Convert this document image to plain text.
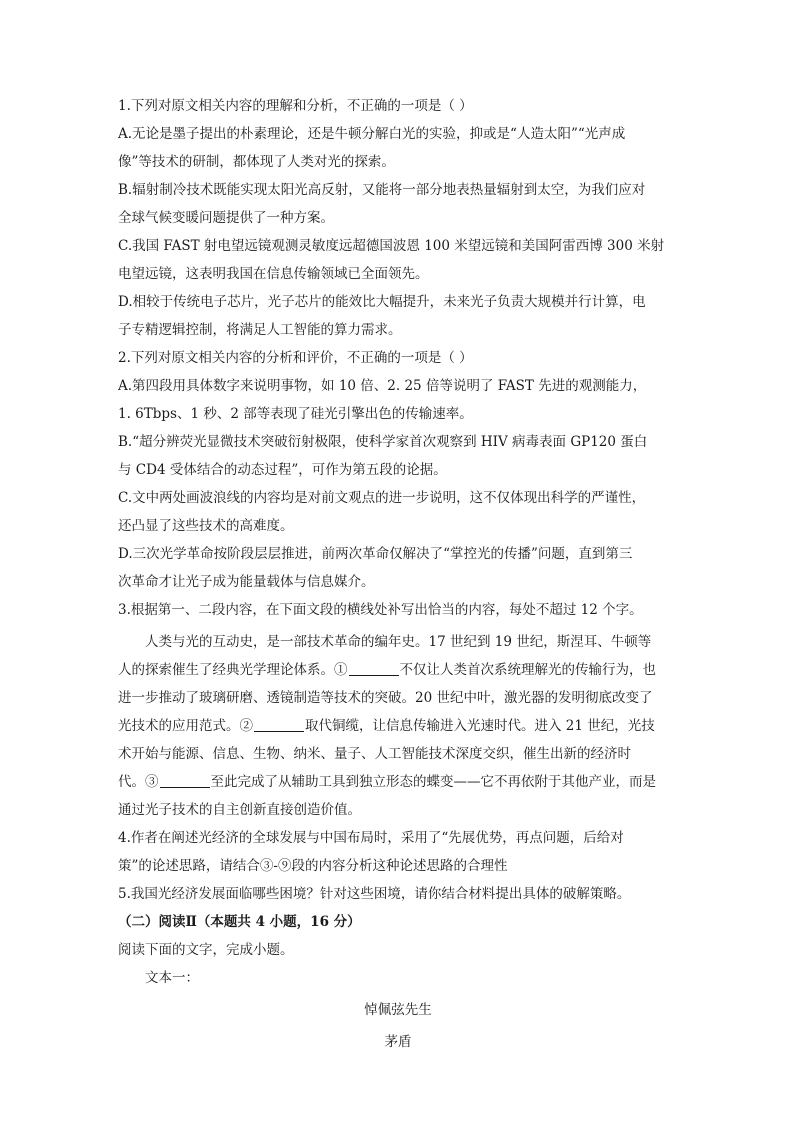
1.下列对原文相关内容的理解和分析，不正确的一项是（ ）
A.无论是墨子提出的朴素理论，还是牛顿分解白光的实验，抑或是“人造太阳”“光声成
像”等技术的研制，都体现了人类对光的探索。
B.辐射制冷技术既能实现太阳光高反射，又能将一部分地表热量辐射到太空，为我们应对
全球气候变暖问题提供了一种方案。
C.我国 FAST 射电望远镜观测灵敏度远超德国波恩 100 米望远镜和美国阿雷西博 300 米射
电望远镜，这表明我国在信息传输领域已全面领先。
D.相较于传统电子芯片，光子芯片的能效比大幅提升，未来光子负责大规模并行计算，电
子专精逻辑控制，将满足人工智能的算力需求。
2.下列对原文相关内容的分析和评价，不正确的一项是（ ）
A.第四段用具体数字来说明事物，如 10 倍、2. 25 倍等说明了 FAST 先进的观测能力，
1. 6Tbps、1 秒、2 部等表现了硅光引擎出色的传输速率。
B.“超分辨荧光显微技术突破衍射极限，使科学家首次观察到 HIV 病毒表面 GP120 蛋白
与 CD4 受体结合的动态过程”，可作为第五段的论据。
C.文中两处画波浪线的内容均是对前文观点的进一步说明，这不仅体现出科学的严谨性，
还凸显了这些技术的高难度。
D.三次光学革命按阶段层层推进，前两次革命仅解决了“掌控光的传播”问题，直到第三
次革命才让光子成为能量载体与信息媒介。
3.根据第一、二段内容，在下面文段的横线处补写出恰当的内容，每处不超过 12 个字。
人类与光的互动史，是一部技术革命的编年史。17 世纪到 19 世纪，斯涅耳、牛顿等
人的探索催生了经典光学理论体系。①	不仅让人类首次系统理解光的传输行为，也
进一步推动了玻璃研磨、透镜制造等技术的突破。20 世纪中叶，激光器的发明彻底改变了
光技术的应用范式。②	取代铜缆，让信息传输进入光速时代。进入 21 世纪，光技
术开始与能源、信息、生物、纳米、量子、人工智能技术深度交织，催生出新的经济时
代。③	至此完成了从辅助工具到独立形态的蝶变——它不再依附于其他产业，而是
通过光子技术的自主创新直接创造价值。
4.作者在阐述光经济的全球发展与中国布局时，采用了“先展优势，再点问题，后给对
策”的论述思路，请结合③-⑨段的内容分析这种论述思路的合理性
5.我国光经济发展面临哪些困境？针对这些困境，请你结合材料提出具体的破解策略。
（二）阅读Ⅱ（本题共 4 小题，16 分）
阅读下面的文字，完成小题。
文本一：
悼佩弦先生
茅盾
